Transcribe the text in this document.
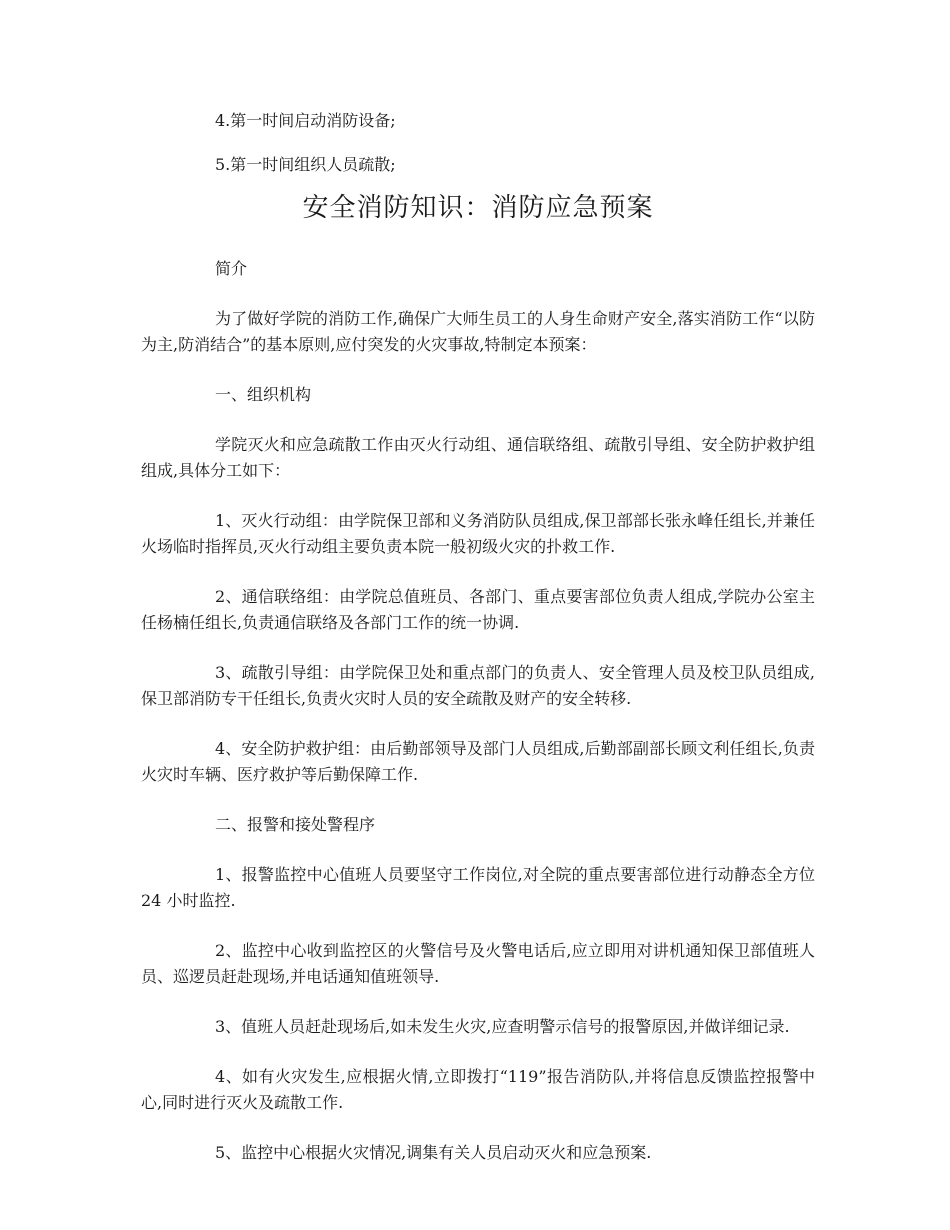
4.第一时间启动消防设备;

5.第一时间组织人员疏散;

安全消防知识：消防应急预案

简介

为了做好学院的消防工作,确保广大师生员工的人身生命财产安全,落实消防工作“以防为主,防消结合”的基本原则,应付突发的火灾事故,特制定本预案：

一、组织机构

学院灭火和应急疏散工作由灭火行动组、通信联络组、疏散引导组、安全防护救护组组成,具体分工如下：

1、灭火行动组：由学院保卫部和义务消防队员组成,保卫部部长张永峰任组长,并兼任火场临时指挥员,灭火行动组主要负责本院一般初级火灾的扑救工作.

2、通信联络组：由学院总值班员、各部门、重点要害部位负责人组成,学院办公室主任杨楠任组长,负责通信联络及各部门工作的统一协调.

3、疏散引导组：由学院保卫处和重点部门的负责人、安全管理人员及校卫队员组成,保卫部消防专干任组长,负责火灾时人员的安全疏散及财产的安全转移.

4、安全防护救护组：由后勤部领导及部门人员组成,后勤部副部长顾文利任组长,负责火灾时车辆、医疗救护等后勤保障工作.

二、报警和接处警程序

1、报警监控中心值班人员要坚守工作岗位,对全院的重点要害部位进行动静态全方位 24 小时监控.

2、监控中心收到监控区的火警信号及火警电话后,应立即用对讲机通知保卫部值班人员、巡逻员赶赴现场,并电话通知值班领导.

3、值班人员赶赴现场后,如未发生火灾,应查明警示信号的报警原因,并做详细记录.

4、如有火灾发生,应根据火情,立即拨打“119”报告消防队,并将信息反馈监控报警中心,同时进行灭火及疏散工作.

5、监控中心根据火灾情况,调集有关人员启动灭火和应急预案.
